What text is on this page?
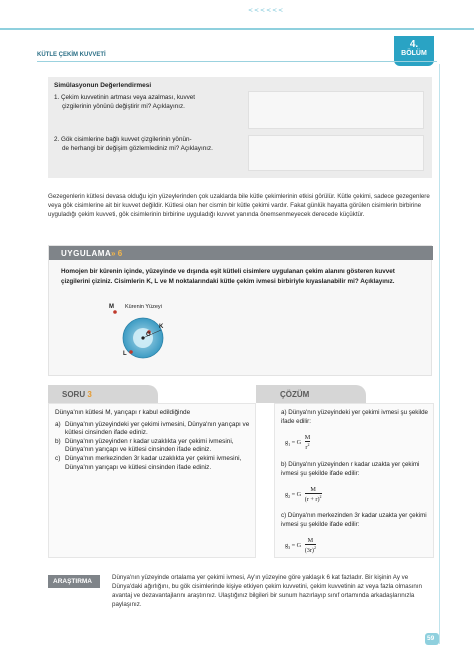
<<<<<<
4.
BÖLÜM
KÜTLE ÇEKİM KUVVETİ
Simülasyonun Değerlendirmesi
1. Çekim kuvvetinin artması veya azalması, kuvvet
çizgilerinin yönünü değiştirir mi? Açıklayınız.
2. Gök cisimlerine bağlı kuvvet çizgilerinin yönün-
de herhangi bir değişim gözlemlediniz mi? Açıklayınız.
Gezegenlerin kütlesi devasa olduğu için yüzeylerinden çok uzaklarda bile kütle çekimlerinin etkisi görülür. Kütle çekimi, sadece gezegenlere veya gök cisimlerine ait bir kuvvet değildir. Kütlesi olan her cismin bir kütle çekimi vardır. Fakat günlük hayatta görülen cisimlerin birbirine uyguladığı çekim kuvveti, gök cisimlerinin birbirine uyguladığı kuvvet yanında önemsenmeyecek derecede küçüktür.
UYGULAMA » 6
Homojen bir kürenin içinde, yüzeyinde ve dışında eşit kütleli cisimlere uygulanan çekim alanını gösteren kuvvet çizgilerini çiziniz. Cisimlerin K, L ve M noktalarındaki kütle çekim ivmesi birbiriyle kıyaslanabilir mi? Açıklayınız.
M Kürenin Yüzeyi
K
O
L
SORU 3	ÇÖZÜM
Dünya'nın kütlesi M, yarıçapı r kabul edildiğinde
a) Dünya'nın yüzeyindeki yer çekimi ivmesini, Dünya'nın yarıçapı ve kütlesi cinsinden ifade ediniz.
b) Dünya'nın yüzeyinden r kadar uzaklıkta yer çekimi ivmesini, Dünya'nın yarıçapı ve kütlesi cinsinden ifade ediniz.
c) Dünya'nın merkezinden 3r kadar uzaklıkta yer çekimi ivmesini, Dünya'nın yarıçapı ve kütlesi cinsinden ifade ediniz.
a) Dünya'nın yüzeyindeki yer çekimi ivmesi şu şekilde ifade edilir:
$g_1 = G \frac{M}{r^2}$
b) Dünya'nın yüzeyinden r kadar uzakta yer çekimi ivmesi şu şekilde ifade edilir:
$g_2 = G \frac{M}{(r + r)^2}$
c) Dünya'nın merkezinden 3r kadar uzakta yer çekimi ivmesi şu şekilde ifade edilir:
$g_3 = G \frac{M}{(3r)^2}$
ARAŞTIRMA
Dünya'nın yüzeyinde ortalama yer çekimi ivmesi, Ay'ın yüzeyine göre yaklaşık 6 kat fazladır. Bir kişinin Ay ve Dünya'daki ağırlığını, bu gök cisimlerinde kişiye etkiyen çekim kuvvetini, çekim kuvvetinin az veya fazla olmasının avantaj ve dezavantajlarını araştırınız. Ulaştığınız bilgileri bir sunum hazırlayıp sınıf ortamında arkadaşlarınızla paylaşınız.
59
